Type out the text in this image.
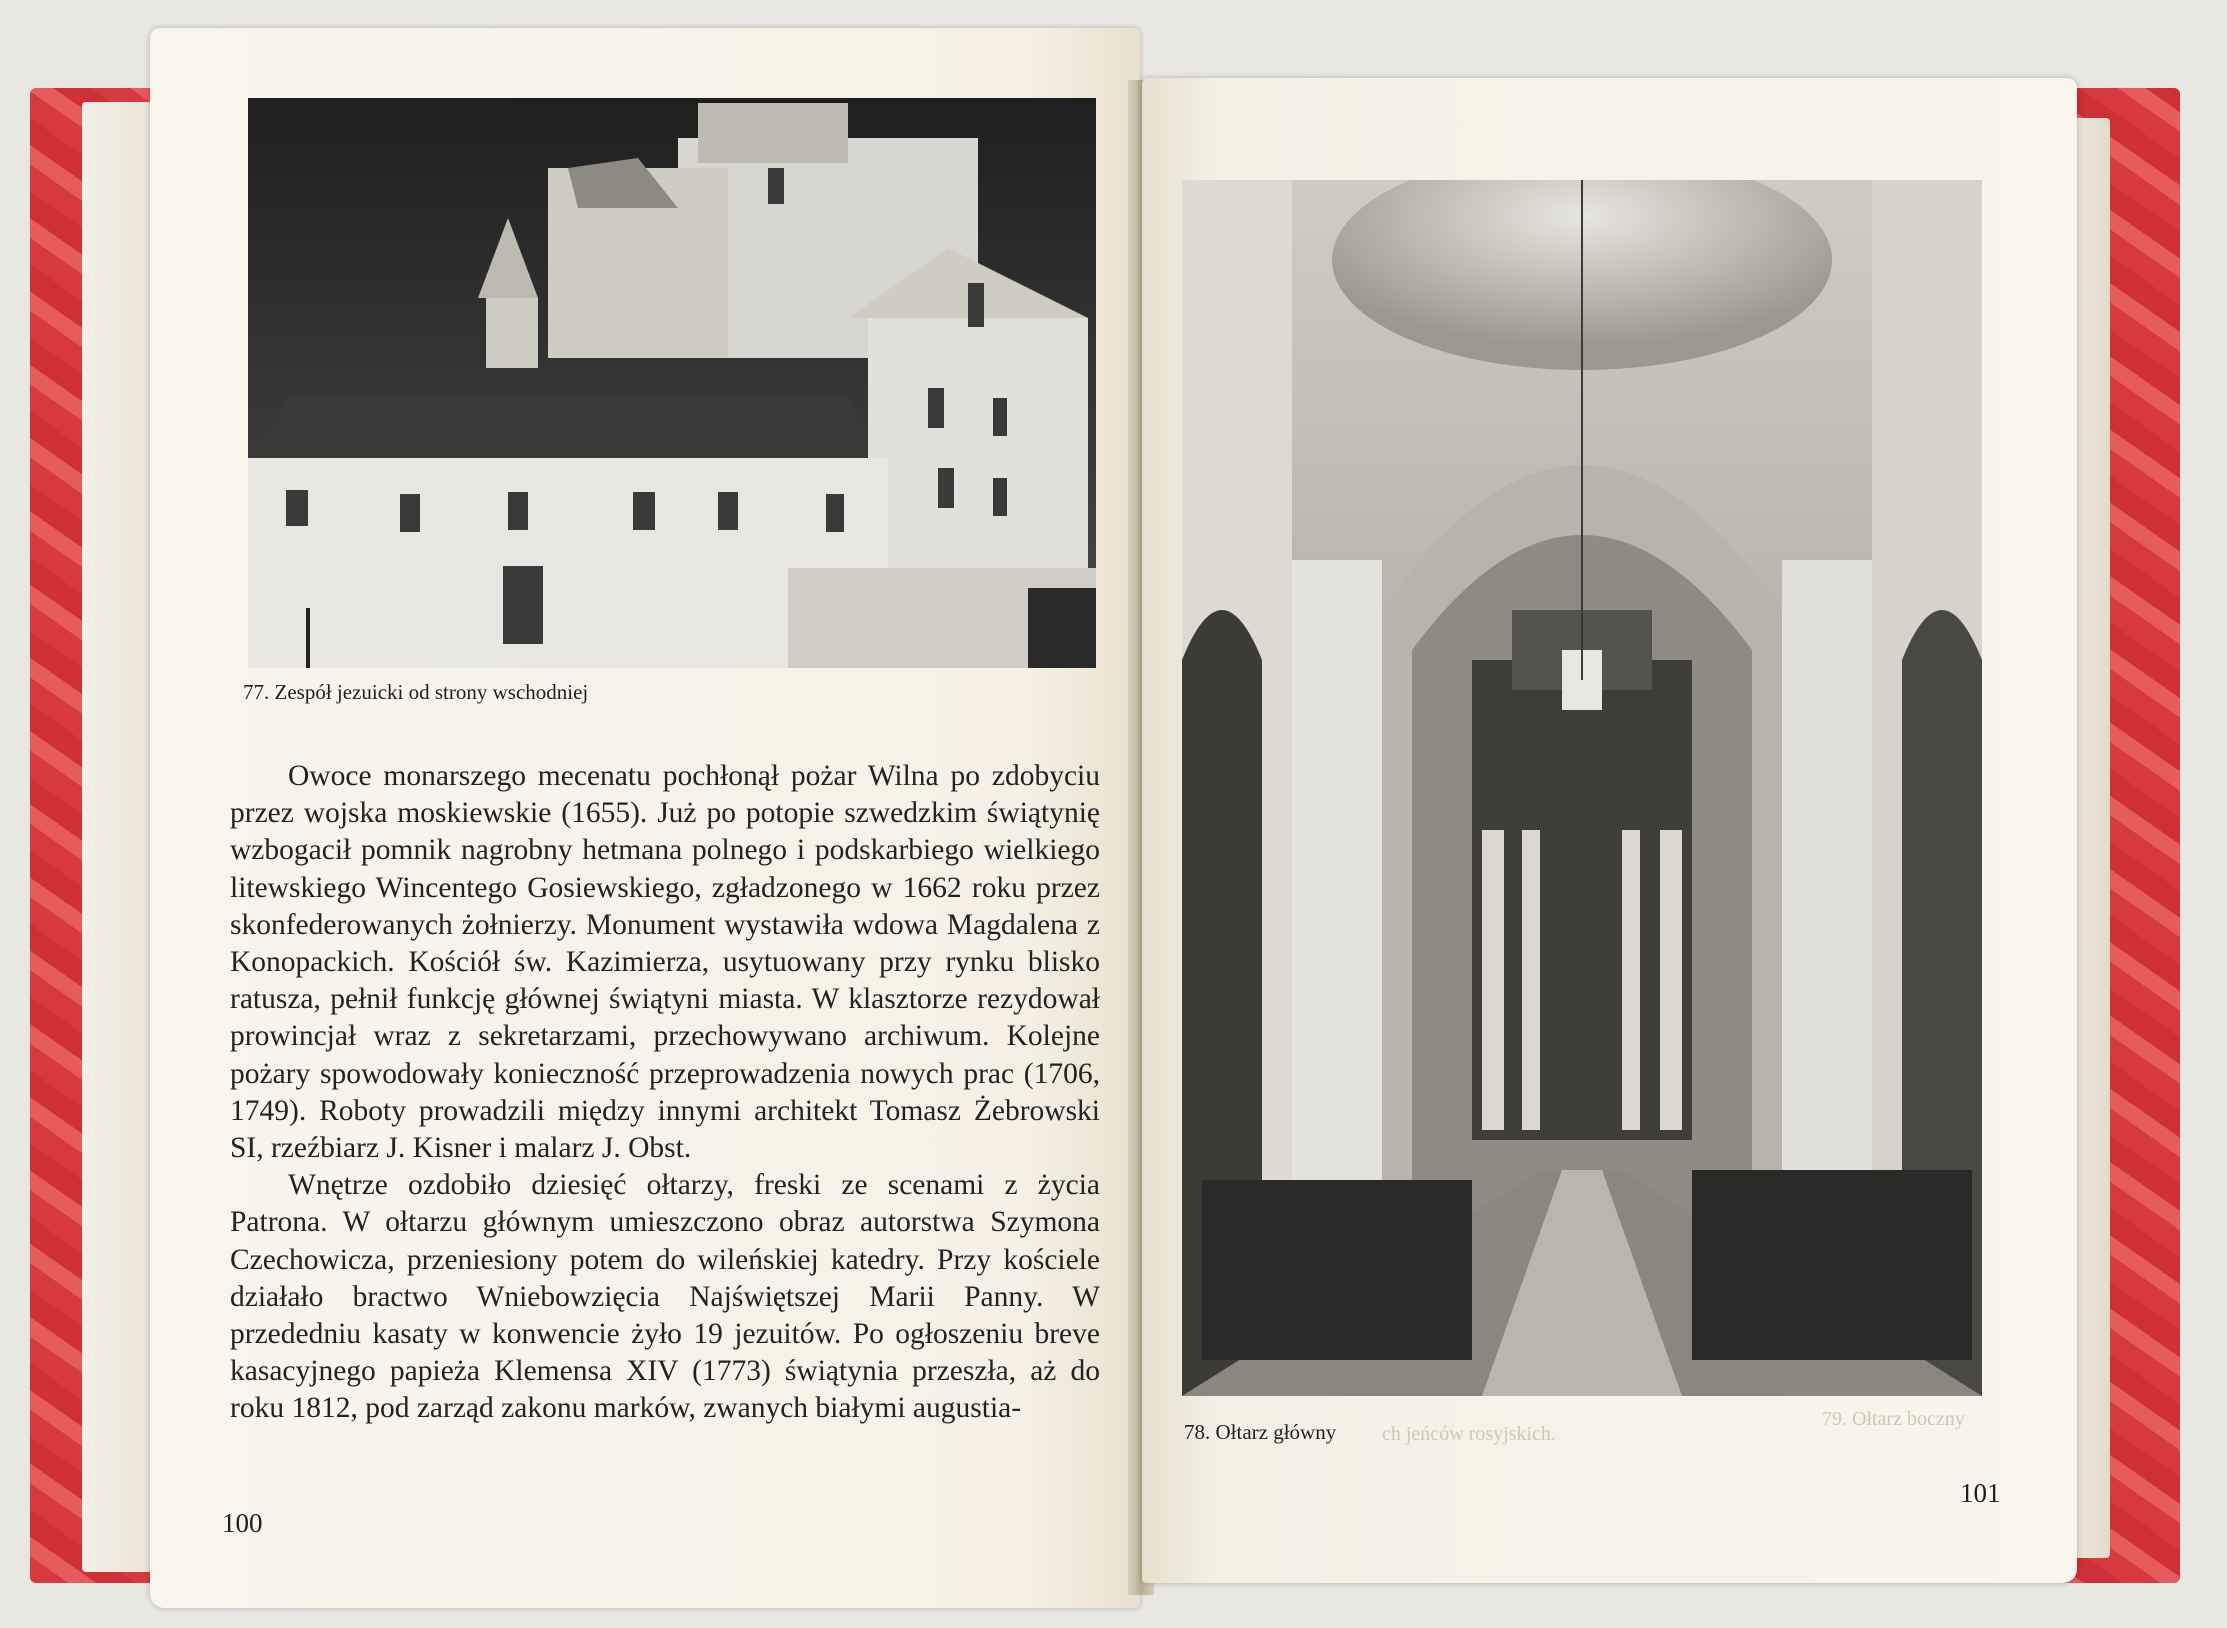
77. Zespół jezuicki od strony wschodniej

Owoce monarszego mecenatu pochłonął pożar Wilna po zdobyciu przez wojska moskiewskie (1655). Już po potopie szwedzkim świątynię wzbogacił pomnik nagrobny hetmana polnego i podskarbiego wielkiego litewskiego Wincentego Gosiewskiego, zgładzonego w 1662 roku przez skonfederowanych żołnierzy. Monument wystawiła wdowa Magdalena z Konopackich. Kościół św. Kazimierza, usytuowany przy rynku blisko ratusza, pełnił funkcję głównej świątyni miasta. W klasztorze rezydował prowincjał wraz z sekretarzami, przechowywano archiwum. Kolejne pożary spowodowały konieczność przeprowadzenia nowych prac (1706, 1749). Roboty prowadzili między innymi architekt Tomasz Żebrowski SI, rzeźbiarz J. Kisner i malarz J. Obst.

Wnętrze ozdobiło dziesięć ołtarzy, freski ze scenami z życia Patrona. W ołtarzu głównym umieszczono obraz autorstwa Szymona Czechowicza, przeniesiony potem do wileńskiej katedry. Przy kościele działało bractwo Wniebowzięcia Najświętszej Marii Panny. W przededniu kasaty w konwencie żyło 19 jezuitów. Po ogłoszeniu breve kasacyjnego papieża Klemensa XIV (1773) świątynia przeszła, aż do roku 1812, pod zarząd zakonu marków, zwanych białymi augustia-

100
78. Ołtarz główny ch jeńców rosyjskich.
79. Ołtarz boczny
101
